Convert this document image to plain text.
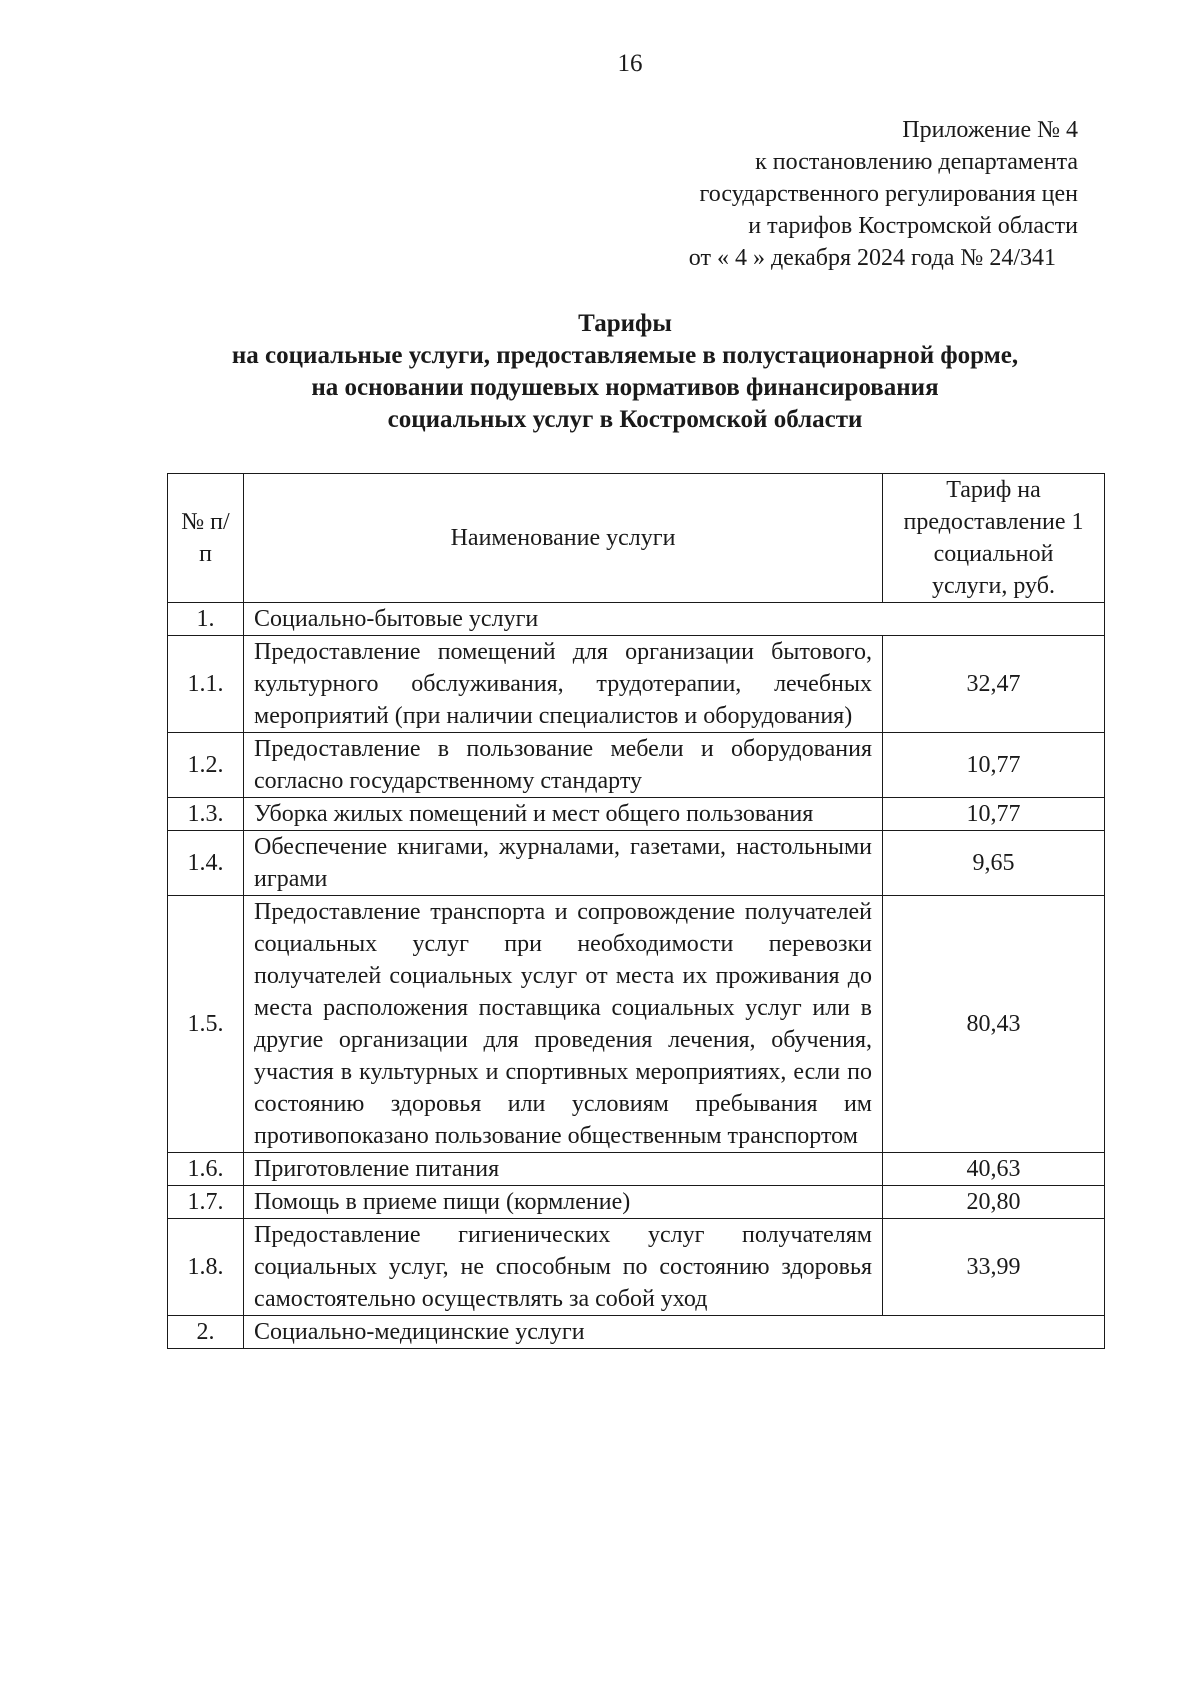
16
Приложение № 4
к постановлению департамента
государственного регулирования цен
и тарифов Костромской области
от « 4 » декабря 2024 года № 24/341
Тарифы
на социальные услуги, предоставляемые в полустационарной форме,
на основании подушевых нормативов финансирования
социальных услуг в Костромской области
№ п/п	Наименование услуги	Тариф на предоставление 1 социальной услуги, руб.
1.	Социально-бытовые услуги	
1.1.	Предоставление помещений для организации бытового, культурного обслуживания, трудотерапии, лечебных мероприятий (при наличии специалистов и оборудования)	32,47
1.2.	Предоставление в пользование мебели и оборудования согласно государственному стандарту	10,77
1.3.	Уборка жилых помещений и мест общего пользования	10,77
1.4.	Обеспечение книгами, журналами, газетами, настольными играми	9,65
1.5.	Предоставление транспорта и сопровождение получателей социальных услуг при необходимости перевозки получателей социальных услуг от места их проживания до места расположения поставщика социальных услуг или в другие организации для проведения лечения, обучения, участия в культурных и спортивных мероприятиях, если по состоянию здоровья или условиям пребывания им противопоказано пользование общественным транспортом	80,43
1.6.	Приготовление питания	40,63
1.7.	Помощь в приеме пищи (кормление)	20,80
1.8.	Предоставление гигиенических услуг получателям социальных услуг, не способным по состоянию здоровья самостоятельно осуществлять за собой уход	33,99
2.	Социально-медицинские услуги	
